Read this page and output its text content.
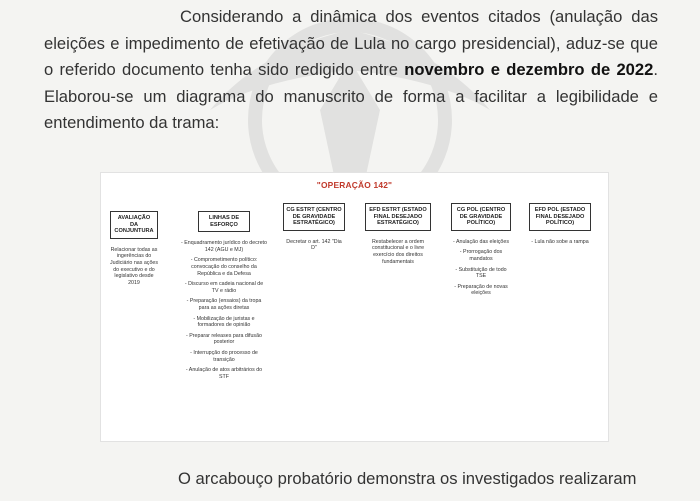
Considerando a dinâmica dos eventos citados (anulação das eleições e impedimento de efetivação de Lula no cargo presidencial), aduz-se que o referido documento tenha sido redigido entre novembro e dezembro de 2022. Elaborou-se um diagrama do manuscrito de forma a facilitar a legibilidade e entendimento da trama:
"OPERAÇÃO 142"
AVALIAÇÃO DA CONJUNTURA
Relacionar todas as ingerências do Judiciário nas ações do executivo e do legislativo desde 2019
LINHAS DE ESFORÇO
- Enquadramento jurídico do decreto 142 (AGU e MJ)
- Comprometimento político: convocação do conselho da República e da Defesa
- Discurso em cadeia nacional de TV e rádio
- Preparação (ensaios) da tropa para as ações diretas
- Mobilização de juristas e formadores de opinião
- Preparar releases para difusão posterior
- Interrupção do processo de transição
- Anulação de atos arbitrários do STF
CG ESTRT (CENTRO DE GRAVIDADE ESTRATÉGICO)
Decretar o art. 142 "Dia D"
EFD ESTRT (ESTADO FINAL DESEJADO ESTRATÉGICO)
Restabelecer a ordem constitucional e o livre exercício dos direitos fundamentais
CG POL (CENTRO DE GRAVIDADE POLÍTICO)
- Anulação das eleições
- Prorrogação dos mandatos
- Substituição de todo TSE
- Preparação de novas eleições
EFD POL (ESTADO FINAL DESEJADO POLÍTICO)
- Lula não sobe a rampa
O arcabouço probatório demonstra os investigados realizaram
